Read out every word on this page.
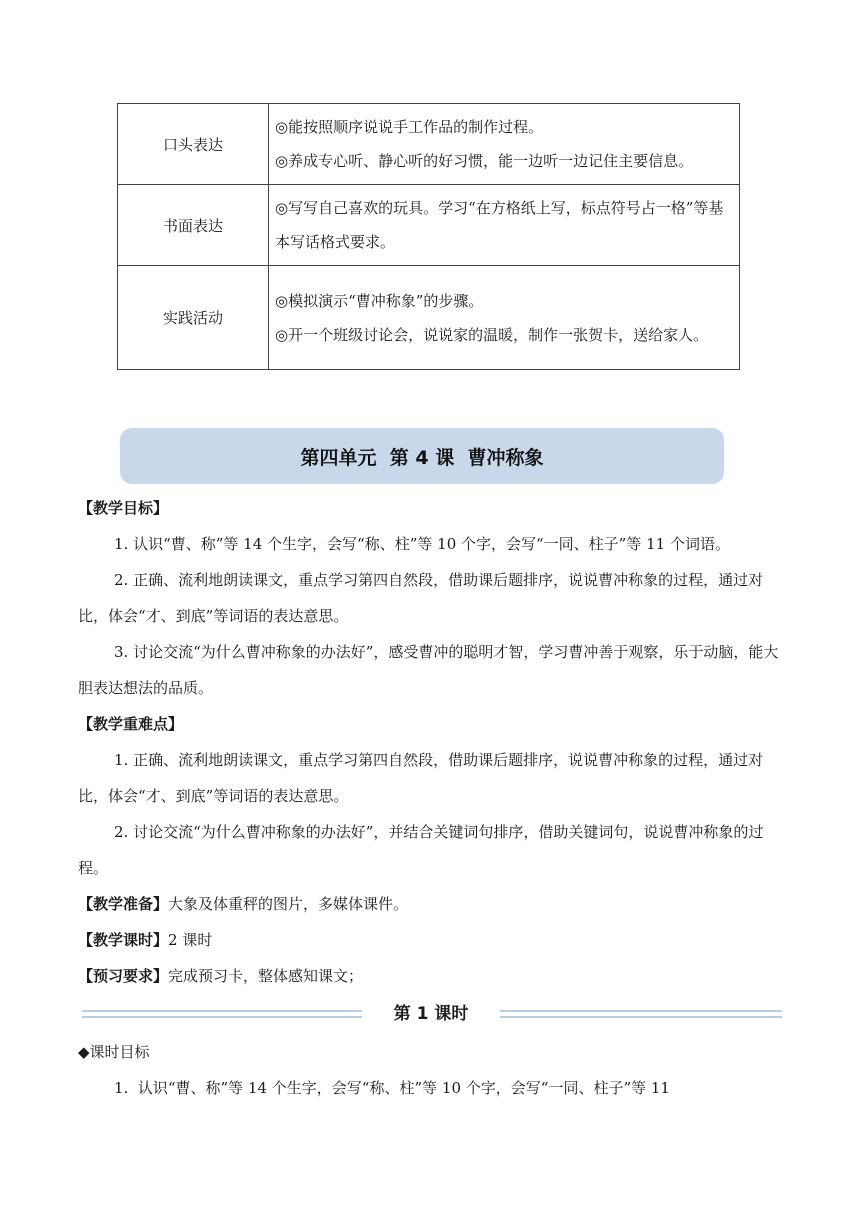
口头表达	◎能按照顺序说说手工作品的制作过程。
◎养成专心听、静心听的好习惯，能一边听一边记住主要信息。

书面表达	◎写写自己喜欢的玩具。学习“在方格纸上写，标点符号占一格”等基本写话格式要求。

实践活动	◎模拟演示“曹冲称象”的步骤。
◎开一个班级讨论会，说说家的温暖，制作一张贺卡，送给家人。
第四单元  第 4 课  曹冲称象

【教学目标】

1. 认识“曹、称”等 14 个生字，会写“称、柱”等 10 个字，会写“一同、柱子”等 11 个词语。

2. 正确、流利地朗读课文，重点学习第四自然段，借助课后题排序，说说曹冲称象的过程，通过对比，体会“才、到底”等词语的表达意思。

3. 讨论交流“为什么曹冲称象的办法好”，感受曹冲的聪明才智，学习曹冲善于观察，乐于动脑，能大胆表达想法的品质。

【教学重难点】

1. 正确、流利地朗读课文，重点学习第四自然段，借助课后题排序，说说曹冲称象的过程，通过对比，体会“才、到底”等词语的表达意思。

2. 讨论交流“为什么曹冲称象的办法好”，并结合关键词句排序，借助关键词句，说说曹冲称象的过程。

【教学准备】大象及体重秤的图片，多媒体课件。

【教学课时】2 课时

【预习要求】完成预习卡，整体感知课文；

第 1 课时

◆课时目标

1.  认识“曹、称”等 14 个生字，会写“称、柱”等 10 个字，会写“一同、柱子”等 11
